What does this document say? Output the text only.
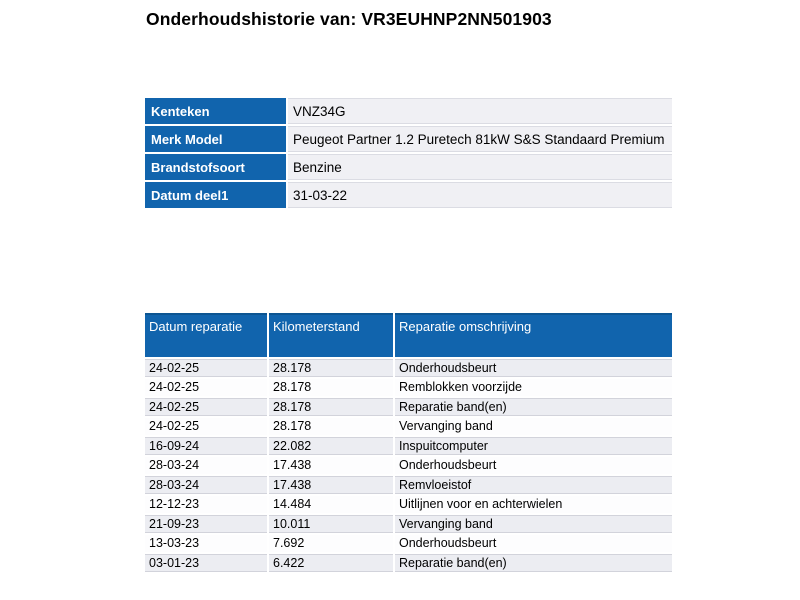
Onderhoudshistorie van: VR3EUHNP2NN501903
Kenteken	VNZ34G
Merk Model	Peugeot Partner 1.2 Puretech 81kW S&S Standaard Premium
Brandstofsoort	Benzine
Datum deel1	31-03-22
Datum reparatie	Kilometerstand	Reparatie omschrijving
24-02-25	28.178	Onderhoudsbeurt
24-02-25	28.178	Remblokken voorzijde
24-02-25	28.178	Reparatie band(en)
24-02-25	28.178	Vervanging band
16-09-24	22.082	Inspuitcomputer
28-03-24	17.438	Onderhoudsbeurt
28-03-24	17.438	Remvloeistof
12-12-23	14.484	Uitlijnen voor en achterwielen
21-09-23	10.011	Vervanging band
13-03-23	7.692	Onderhoudsbeurt
03-01-23	6.422	Reparatie band(en)
